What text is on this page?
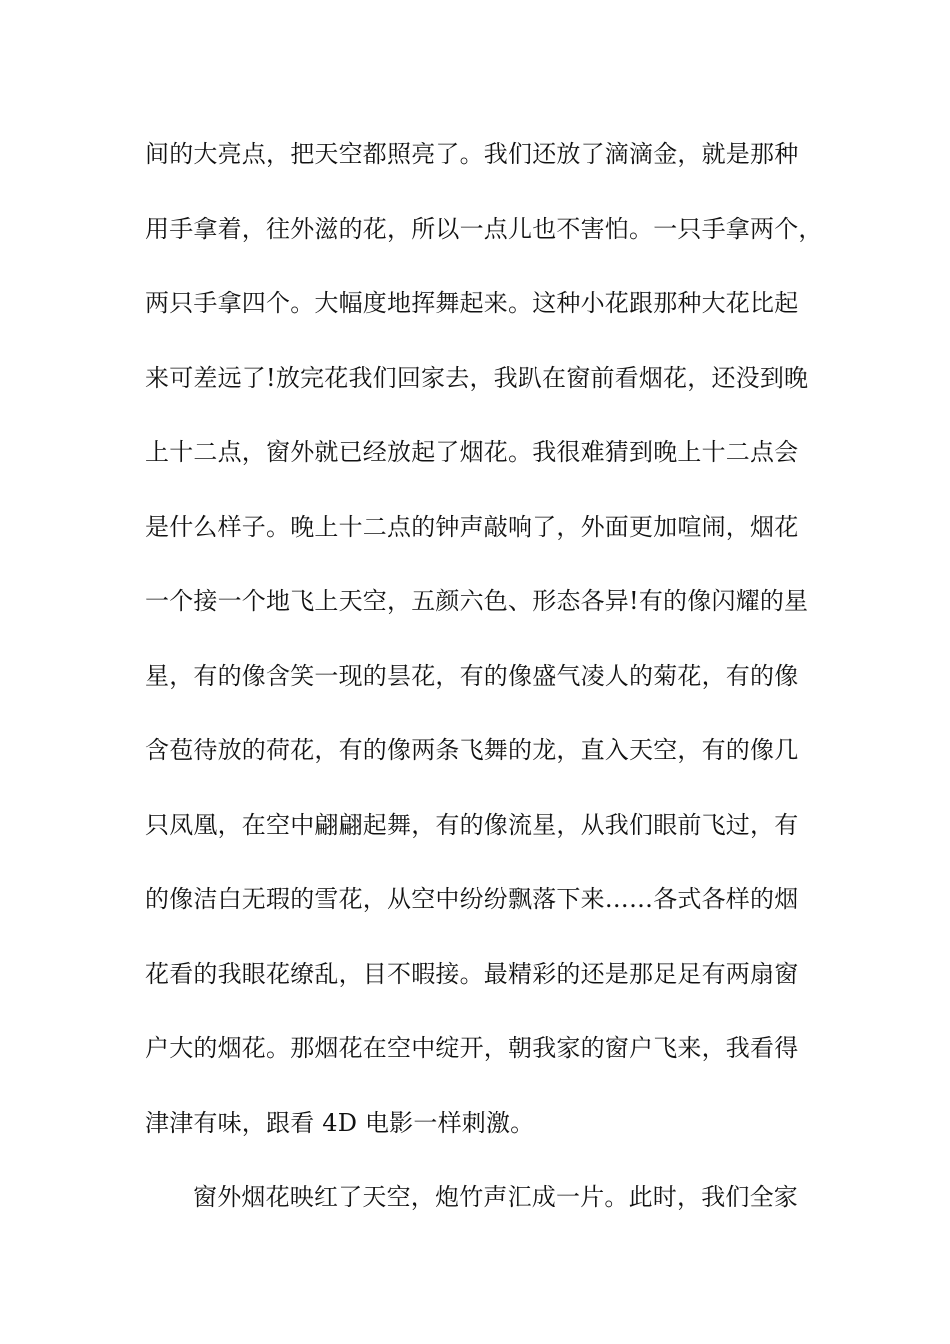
间的大亮点，把天空都照亮了。我们还放了滴滴金，就是那种
用手拿着，往外滋的花，所以一点儿也不害怕。一只手拿两个，
两只手拿四个。大幅度地挥舞起来。这种小花跟那种大花比起
来可差远了!放完花我们回家去，我趴在窗前看烟花，还没到晚
上十二点，窗外就已经放起了烟花。我很难猜到晚上十二点会
是什么样子。晚上十二点的钟声敲响了，外面更加喧闹，烟花
一个接一个地飞上天空，五颜六色、形态各异!有的像闪耀的星
星，有的像含笑一现的昙花，有的像盛气凌人的菊花，有的像
含苞待放的荷花，有的像两条飞舞的龙，直入天空，有的像几
只凤凰，在空中翩翩起舞，有的像流星，从我们眼前飞过，有
的像洁白无瑕的雪花，从空中纷纷飘落下来……各式各样的烟
花看的我眼花缭乱，目不暇接。最精彩的还是那足足有两扇窗
户大的烟花。那烟花在空中绽开，朝我家的窗户飞来，我看得
津津有味，跟看 4D 电影一样刺激。
窗外烟花映红了天空，炮竹声汇成一片。此时，我们全家
